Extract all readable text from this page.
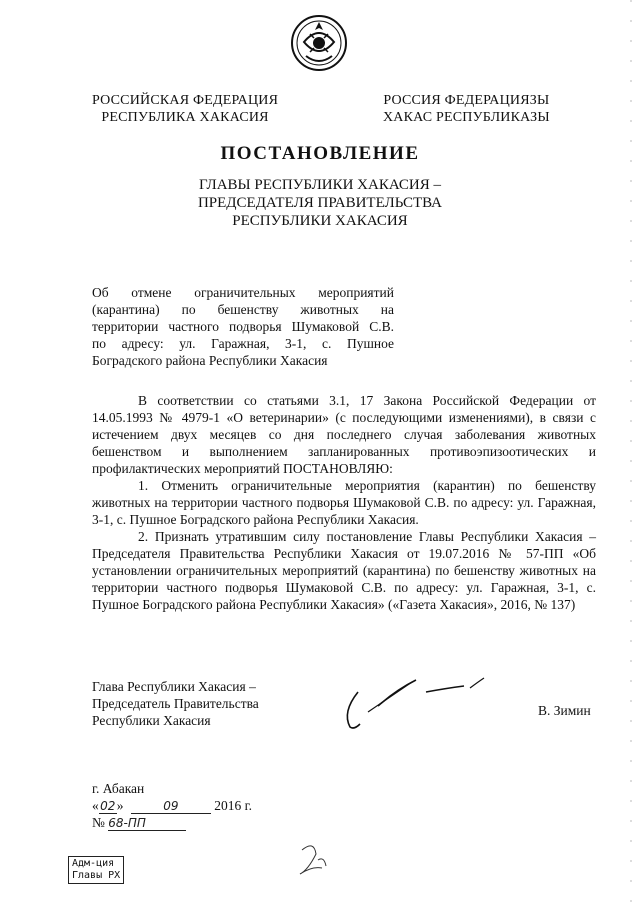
РОССИЙСКАЯ ФЕДЕРАЦИЯ
РЕСПУБЛИКА ХАКАСИЯ
РОССИЯ ФЕДЕРАЦИЯЗЫ
ХАКАС РЕСПУБЛИКАЗЫ
ПОСТАНОВЛЕНИЕ
ГЛАВЫ РЕСПУБЛИКИ ХАКАСИЯ –
ПРЕДСЕДАТЕЛЯ ПРАВИТЕЛЬСТВА
РЕСПУБЛИКИ ХАКАСИЯ
Об отмене ограничительных мероприятий
(карантина) по бешенству животных на
территории частного подворья Шумаковой С.В.
по адресу: ул. Гаражная, 3-1, с. Пушное
Боградского района Республики Хакасия

В соответствии со статьями 3.1, 17 Закона Российской Федерации от 14.05.1993 № 4979-1 «О ветеринарии» (с последующими изменениями), в связи с истечением двух месяцев со дня последнего случая заболевания животных бешенством и выполнением запланированных противоэпизоотических и профилактических мероприятий ПОСТАНОВЛЯЮ:

1. Отменить ограничительные мероприятия (карантин) по бешенству животных на территории частного подворья Шумаковой С.В. по адресу: ул. Гаражная, 3-1, с. Пушное Боградского района Республики Хакасия.

2. Признать утратившим силу постановление Главы Республики Хакасия – Председателя Правительства Республики Хакасия от 19.07.2016 № 57-ПП «Об установлении ограничительных мероприятий (карантина) по бешенству животных на территории частного подворья Шумаковой С.В. по адресу: ул. Гаражная, 3-1, с. Пушное Боградского района Республики Хакасия» («Газета Хакасия», 2016, № 137)

Глава Республики Хакасия –
Председатель Правительства
Республики Хакасия
В. Зимин
г. Абакан
«02»	09	2016 г.
№ 68-ПП
Адм-ция
Главы РХ
